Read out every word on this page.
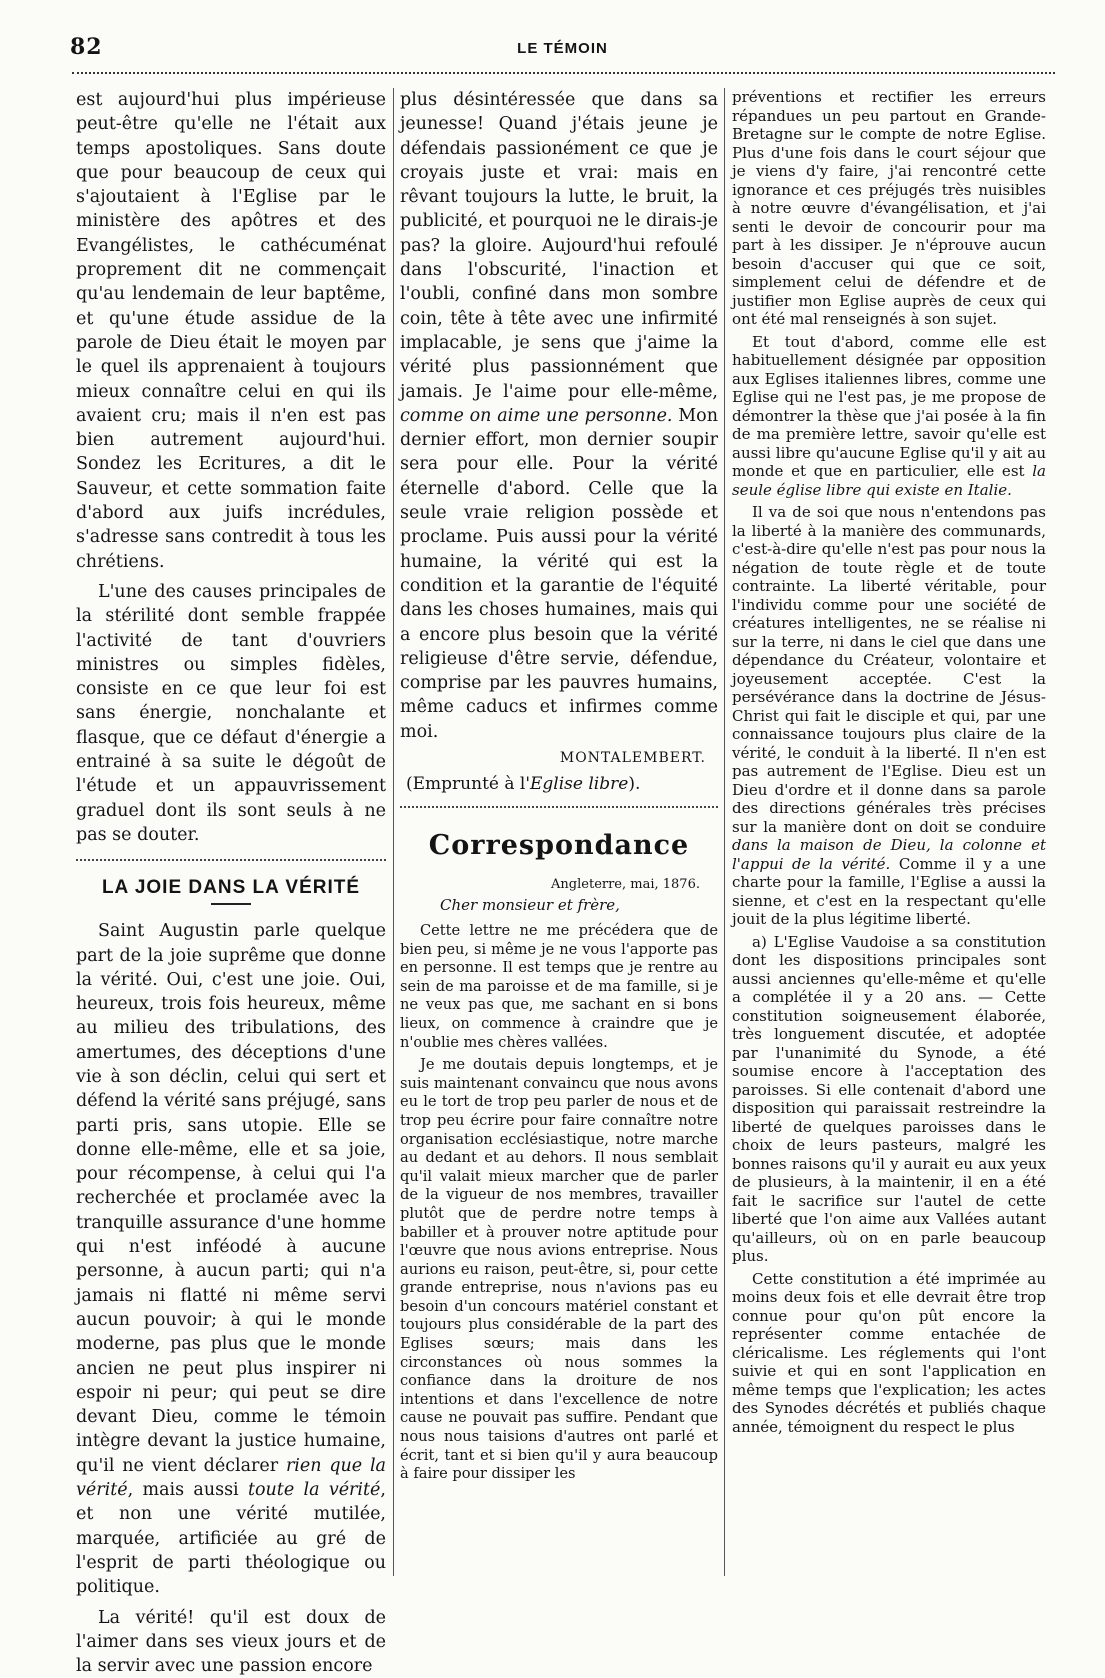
82	LE TÉMOIN

est aujourd'hui plus impérieuse peut-être qu'elle ne l'était aux temps apostoliques. Sans doute que pour beaucoup de ceux qui s'ajoutaient à l'Eglise par le ministère des apôtres et des Evangélistes, le cathécuménat proprement dit ne commençait qu'au lendemain de leur baptême, et qu'une étude assidue de la parole de Dieu était le moyen par le quel ils apprenaient à toujours mieux connaître celui en qui ils avaient cru; mais il n'en est pas bien autrement aujourd'hui. Sondez les Ecritures, a dit le Sauveur, et cette sommation faite d'abord aux juifs incrédules, s'adresse sans contredit à tous les chrétiens.

L'une des causes principales de la stérilité dont semble frappée l'activité de tant d'ouvriers ministres ou simples fidèles, consiste en ce que leur foi est sans énergie, nonchalante et flasque, que ce défaut d'énergie a entrainé à sa suite le dégoût de l'étude et un appauvrissement graduel dont ils sont seuls à ne pas se douter.

LA JOIE DANS LA VÉRITÉ

Saint Augustin parle quelque part de la joie suprême que donne la vérité. Oui, c'est une joie. Oui, heureux, trois fois heureux, même au milieu des tribulations, des amertumes, des déceptions d'une vie à son déclin, celui qui sert et défend la vérité sans préjugé, sans parti pris, sans utopie. Elle se donne elle-même, elle et sa joie, pour récompense, à celui qui l'a recherchée et proclamée avec la tranquille assurance d'une homme qui n'est inféodé à aucune personne, à aucun parti; qui n'a jamais ni flatté ni même servi aucun pouvoir; à qui le monde moderne, pas plus que le monde ancien ne peut plus inspirer ni espoir ni peur; qui peut se dire devant Dieu, comme le témoin intègre devant la justice humaine, qu'il ne vient déclarer rien que la vérité, mais aussi toute la vérité, et non une vérité mutilée, marquée, artificiée au gré de l'esprit de parti théologique ou politique.

La vérité! qu'il est doux de l'aimer dans ses vieux jours et de la servir avec une passion encore

plus désintéressée que dans sa jeunesse! Quand j'étais jeune je défendais passionément ce que je croyais juste et vrai: mais en rêvant toujours la lutte, le bruit, la publicité, et pourquoi ne le dirais-je pas? la gloire. Aujourd'hui refoulé dans l'obscurité, l'inaction et l'oubli, confiné dans mon sombre coin, tête à tête avec une infirmité implacable, je sens que j'aime la vérité plus passionnément que jamais. Je l'aime pour elle-même, comme on aime une personne. Mon dernier effort, mon dernier soupir sera pour elle. Pour la vérité éternelle d'abord. Celle que la seule vraie religion possède et proclame. Puis aussi pour la vérité humaine, la vérité qui est la condition et la garantie de l'équité dans les choses humaines, mais qui a encore plus besoin que la vérité religieuse d'être servie, défendue, comprise par les pauvres humains, même caducs et infirmes comme moi.

MONTALEMBERT.
(Emprunté à l'Eglise libre).
Correspondance
Angleterre, mai, 1876.
Cher monsieur et frère,

Cette lettre ne me précédera que de bien peu, si même je ne vous l'apporte pas en personne. Il est temps que je rentre au sein de ma paroisse et de ma famille, si je ne veux pas que, me sachant en si bons lieux, on commence à craindre que je n'oublie mes chères vallées.

Je me doutais depuis longtemps, et je suis maintenant convaincu que nous avons eu le tort de trop peu parler de nous et de trop peu écrire pour faire connaître notre organisation ecclésiastique, notre marche au dedant et au dehors. Il nous semblait qu'il valait mieux marcher que de parler de la vigueur de nos membres, travailler plutôt que de perdre notre temps à babiller et à prouver notre aptitude pour l'œuvre que nous avions entreprise. Nous aurions eu raison, peut-être, si, pour cette grande entreprise, nous n'avions pas eu besoin d'un concours matériel constant et toujours plus considérable de la part des Eglises sœurs; mais dans les circonstances où nous sommes la confiance dans la droiture de nos intentions et dans l'excellence de notre cause ne pouvait pas suffire. Pendant que nous nous taisions d'autres ont parlé et écrit, tant et si bien qu'il y aura beaucoup à faire pour dissiper les

préventions et rectifier les erreurs répandues un peu partout en Grande-Bretagne sur le compte de notre Eglise. Plus d'une fois dans le court séjour que je viens d'y faire, j'ai rencontré cette ignorance et ces préjugés très nuisibles à notre œuvre d'évangélisation, et j'ai senti le devoir de concourir pour ma part à les dissiper. Je n'éprouve aucun besoin d'accuser qui que ce soit, simplement celui de défendre et de justifier mon Eglise auprès de ceux qui ont été mal renseignés à son sujet.

Et tout d'abord, comme elle est habituellement désignée par opposition aux Eglises italiennes libres, comme une Eglise qui ne l'est pas, je me propose de démontrer la thèse que j'ai posée à la fin de ma première lettre, savoir qu'elle est aussi libre qu'aucune Eglise qu'il y ait au monde et que en particulier, elle est la seule église libre qui existe en Italie.

Il va de soi que nous n'entendons pas la liberté à la manière des communards, c'est-à-dire qu'elle n'est pas pour nous la négation de toute règle et de toute contrainte. La liberté véritable, pour l'individu comme pour une société de créatures intelligentes, ne se réalise ni sur la terre, ni dans le ciel que dans une dépendance du Créateur, volontaire et joyeusement acceptée. C'est la persévérance dans la doctrine de Jésus-Christ qui fait le disciple et qui, par une connaissance toujours plus claire de la vérité, le conduit à la liberté. Il n'en est pas autrement de l'Eglise. Dieu est un Dieu d'ordre et il donne dans sa parole des directions générales très précises sur la manière dont on doit se conduire dans la maison de Dieu, la colonne et l'appui de la vérité. Comme il y a une charte pour la famille, l'Eglise a aussi la sienne, et c'est en la respectant qu'elle jouit de la plus légitime liberté.

a) L'Eglise Vaudoise a sa constitution dont les dispositions principales sont aussi anciennes qu'elle-même et qu'elle a complétée il y a 20 ans. — Cette constitution soigneusement élaborée, très longuement discutée, et adoptée par l'unanimité du Synode, a été soumise encore à l'acceptation des paroisses. Si elle contenait d'abord une disposition qui paraissait restreindre la liberté de quelques paroisses dans le choix de leurs pasteurs, malgré les bonnes raisons qu'il y aurait eu aux yeux de plusieurs, à la maintenir, il en a été fait le sacrifice sur l'autel de cette liberté que l'on aime aux Vallées autant qu'ailleurs, où on en parle beaucoup plus.

Cette constitution a été imprimée au moins deux fois et elle devrait être trop connue pour qu'on pût encore la représenter comme entachée de cléricalisme. Les réglements qui l'ont suivie et qui en sont l'application en même temps que l'explication; les actes des Synodes décrétés et publiés chaque année, témoignent du respect le plus
